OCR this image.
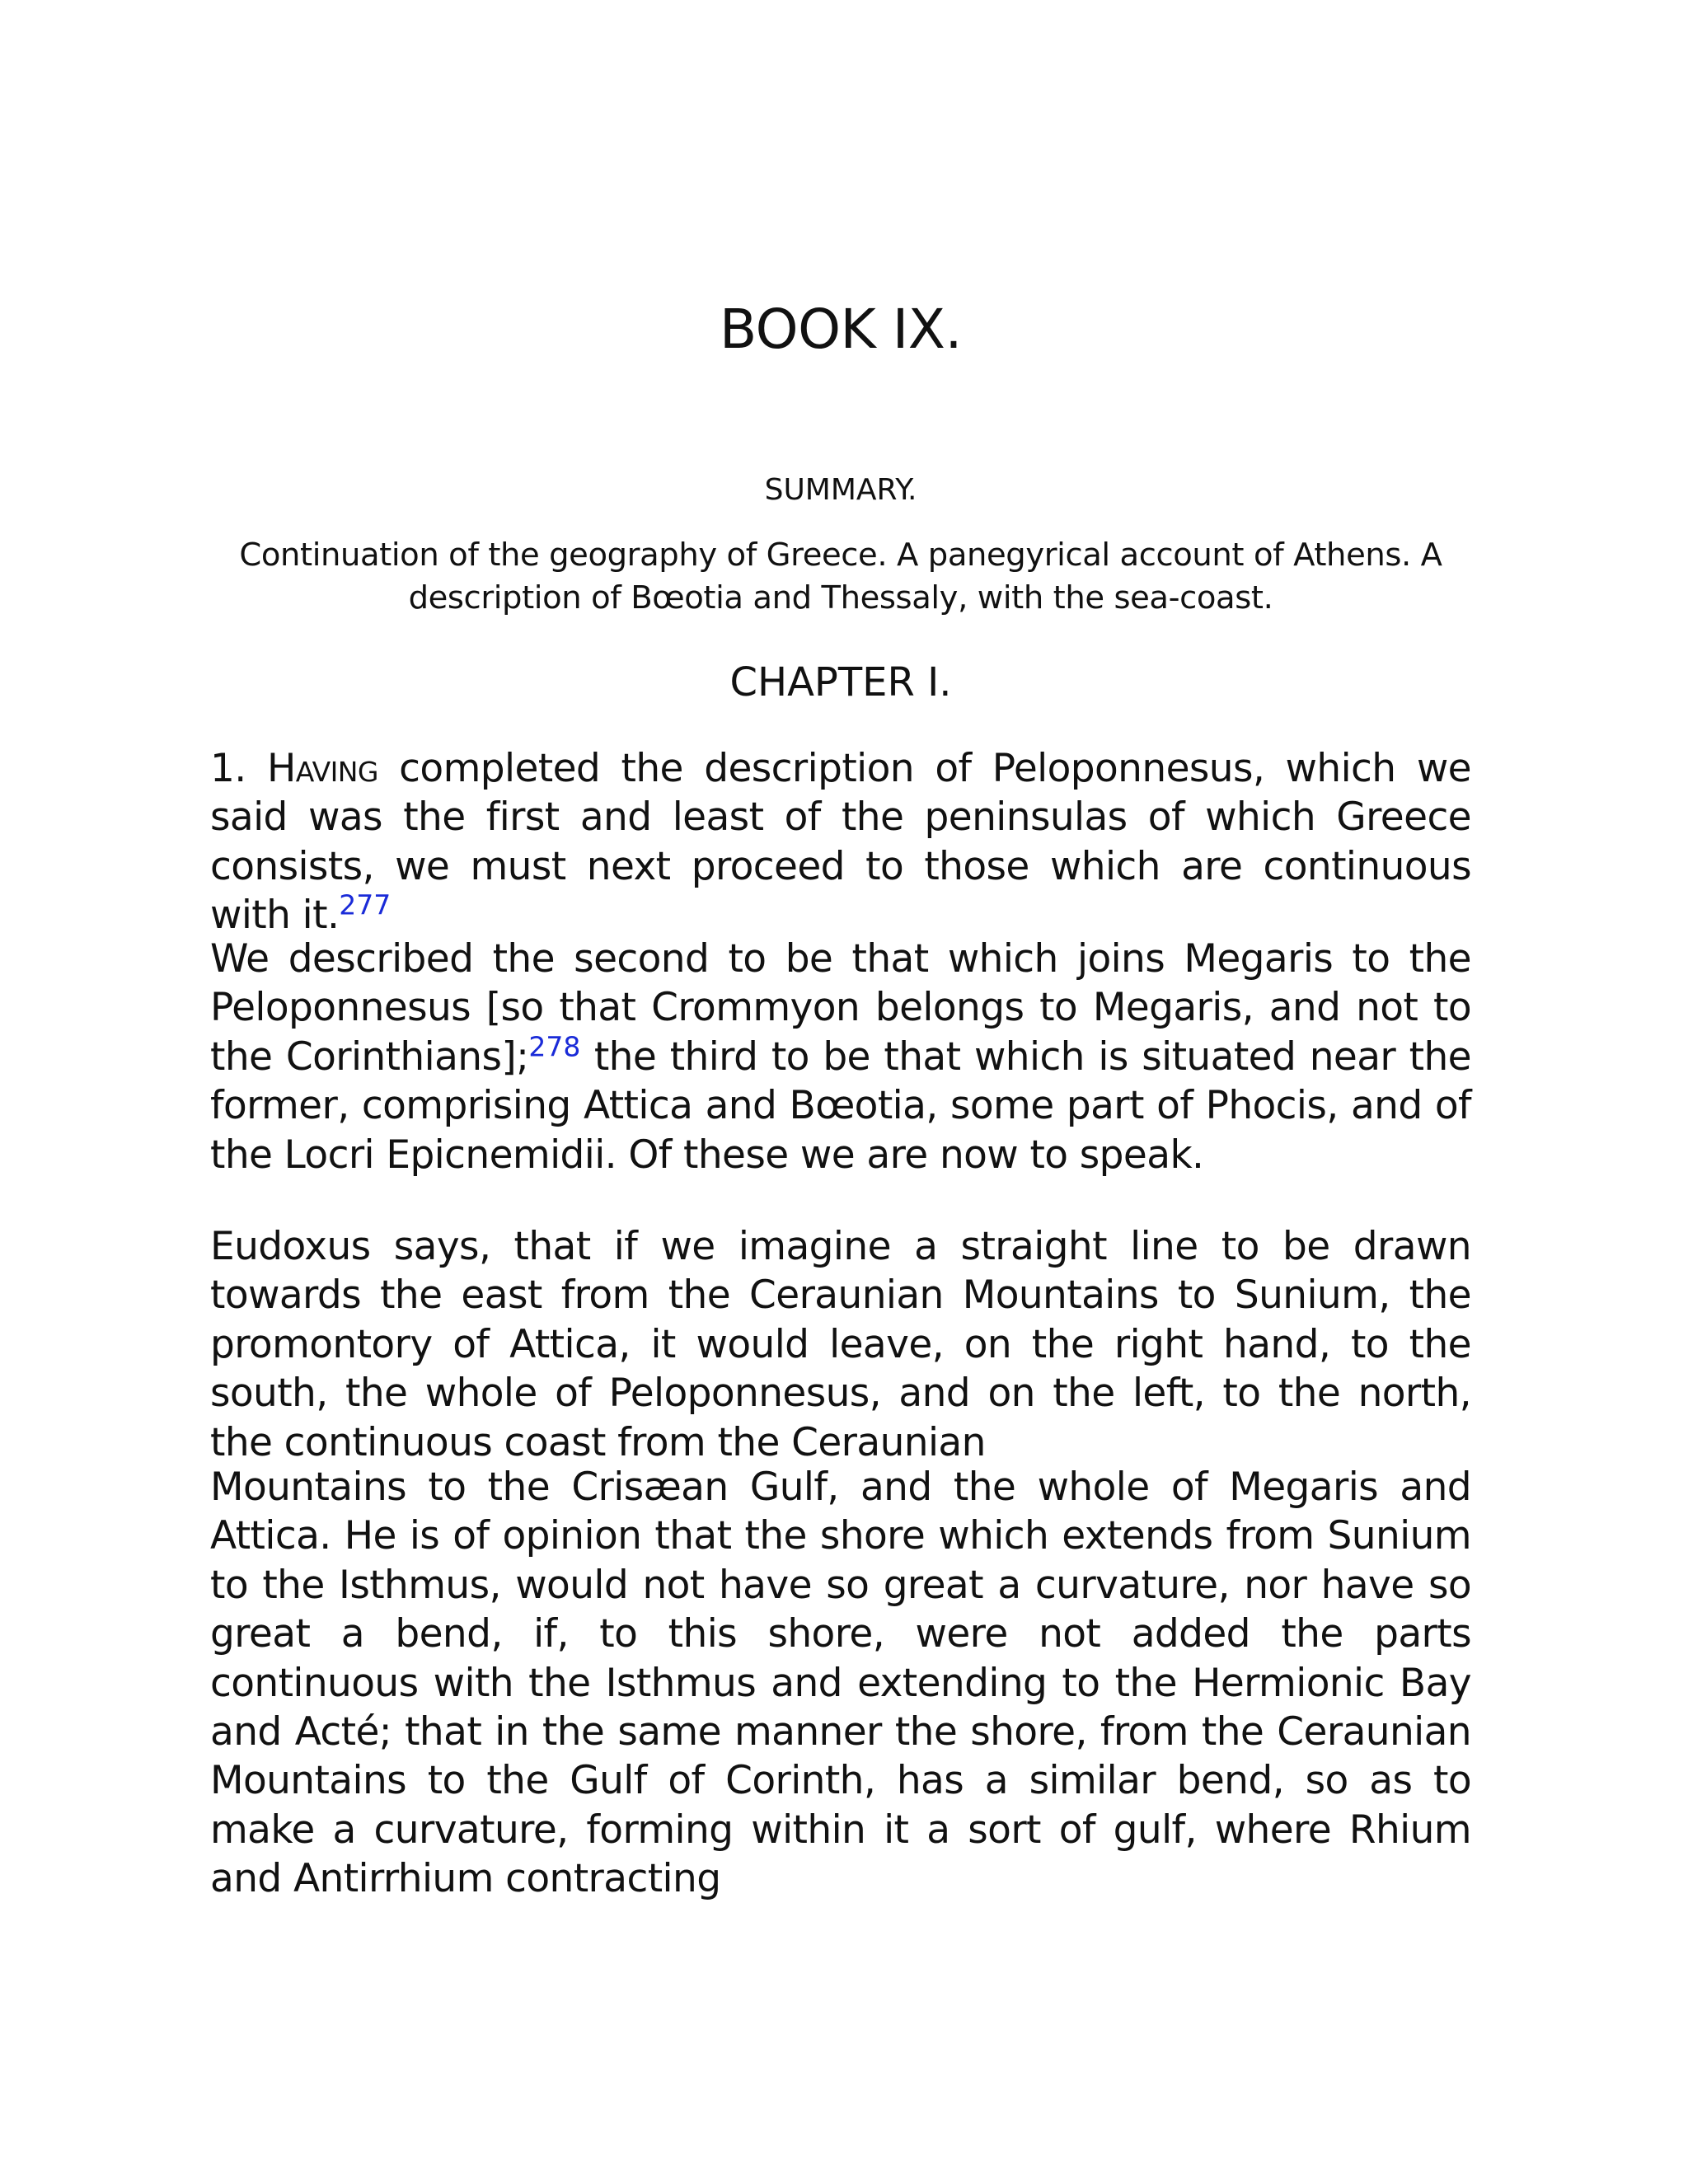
BOOK IX.
SUMMARY.

Continuation of the geography of Greece. A panegyrical account of Athens. A description of Bœotia and Thessaly, with the sea-coast.

CHAPTER I.

1. Having completed the description of Peloponnesus, which we said was the first and least of the peninsulas of which Greece consists, we must next proceed to those which are continuous with it.$^{277}$

We described the second to be that which joins Megaris to the Peloponnesus [so that Crommyon belongs to Megaris, and not to the Corinthians];$^{278}$ the third to be that which is situated near the former, comprising Attica and Bœotia, some part of Phocis, and of the Locri Epicnemidii. Of these we are now to speak.

Eudoxus says, that if we imagine a straight line to be drawn towards the east from the Ceraunian Mountains to Sunium, the promontory of Attica, it would leave, on the right hand, to the south, the whole of Peloponnesus, and on the left, to the north, the continuous coast from the Ceraunian

Mountains to the Crisæan Gulf, and the whole of Megaris and Attica. He is of opinion that the shore which extends from Sunium to the Isthmus, would not have so great a curvature, nor have so great a bend, if, to this shore, were not added the parts continuous with the Isthmus and extending to the Hermionic Bay and Acté; that in the same manner the shore, from the Ceraunian Mountains to the Gulf of Corinth, has a similar bend, so as to make a curvature, forming within it a sort of gulf, where Rhium and Antirrhium contracting
